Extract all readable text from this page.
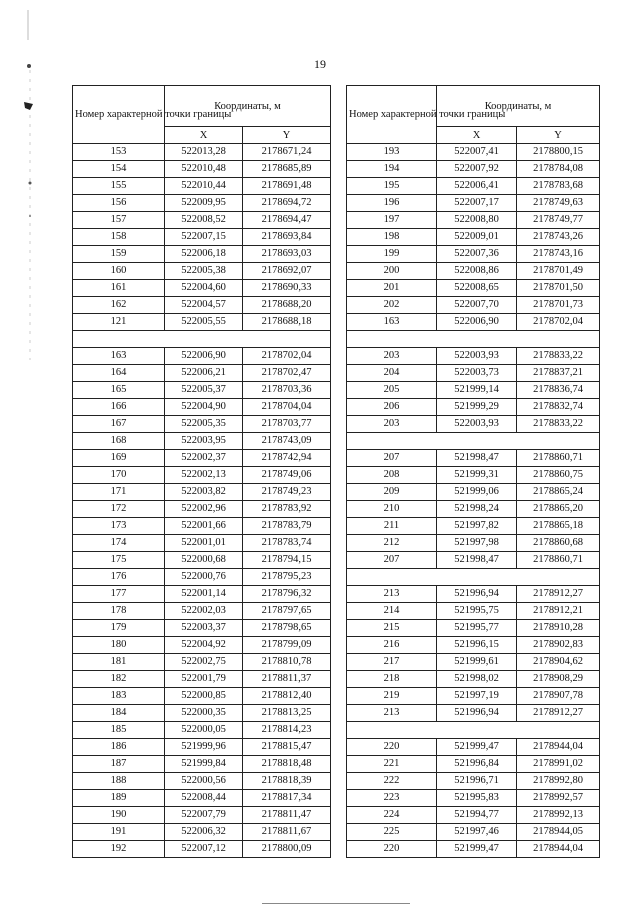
19
Номер характерной точки границы	Координаты, м	
	X	Y
153	522013,28	2178671,24
154	522010,48	2178685,89
155	522010,44	2178691,48
156	522009,95	2178694,72
157	522008,52	2178694,47
158	522007,15	2178693,84
159	522006,18	2178693,03
160	522005,38	2178692,07
161	522004,60	2178690,33
162	522004,57	2178688,20
121	522005,55	2178688,18

163	522006,90	2178702,04
164	522006,21	2178702,47
165	522005,37	2178703,36
166	522004,90	2178704,04
167	522005,35	2178703,77
168	522003,95	2178743,09
169	522002,37	2178742,94
170	522002,13	2178749,06
171	522003,82	2178749,23
172	522002,96	2178783,92
173	522001,66	2178783,79
174	522001,01	2178783,74
175	522000,68	2178794,15
176	522000,76	2178795,23
177	522001,14	2178796,32
178	522002,03	2178797,65
179	522003,37	2178798,65
180	522004,92	2178799,09
181	522002,75	2178810,78
182	522001,79	2178811,37
183	522000,85	2178812,40
184	522000,35	2178813,25
185	522000,05	2178814,23
186	521999,96	2178815,47
187	521999,84	2178818,48
188	522000,56	2178818,39
189	522008,44	2178817,34
190	522007,79	2178811,47
191	522006,32	2178811,67
192	522007,12	2178800,09
Номер характерной точки границы	Координаты, м	
	X	Y
193	522007,41	2178800,15
194	522007,92	2178784,08
195	522006,41	2178783,68
196	522007,17	2178749,63
197	522008,80	2178749,77
198	522009,01	2178743,26
199	522007,36	2178743,16
200	522008,86	2178701,49
201	522008,65	2178701,50
202	522007,70	2178701,73
163	522006,90	2178702,04

203	522003,93	2178833,22
204	522003,73	2178837,21
205	521999,14	2178836,74
206	521999,29	2178832,74
203	522003,93	2178833,22

207	521998,47	2178860,71
208	521999,31	2178860,75
209	521999,06	2178865,24
210	521998,24	2178865,20
211	521997,82	2178865,18
212	521997,98	2178860,68
207	521998,47	2178860,71

213	521996,94	2178912,27
214	521995,75	2178912,21
215	521995,77	2178910,28
216	521996,15	2178902,83
217	521999,61	2178904,62
218	521998,02	2178908,29
219	521997,19	2178907,78
213	521996,94	2178912,27

220	521999,47	2178944,04
221	521996,84	2178991,02
222	521996,71	2178992,80
223	521995,83	2178992,57
224	521994,77	2178992,13
225	521997,46	2178944,05
220	521999,47	2178944,04
